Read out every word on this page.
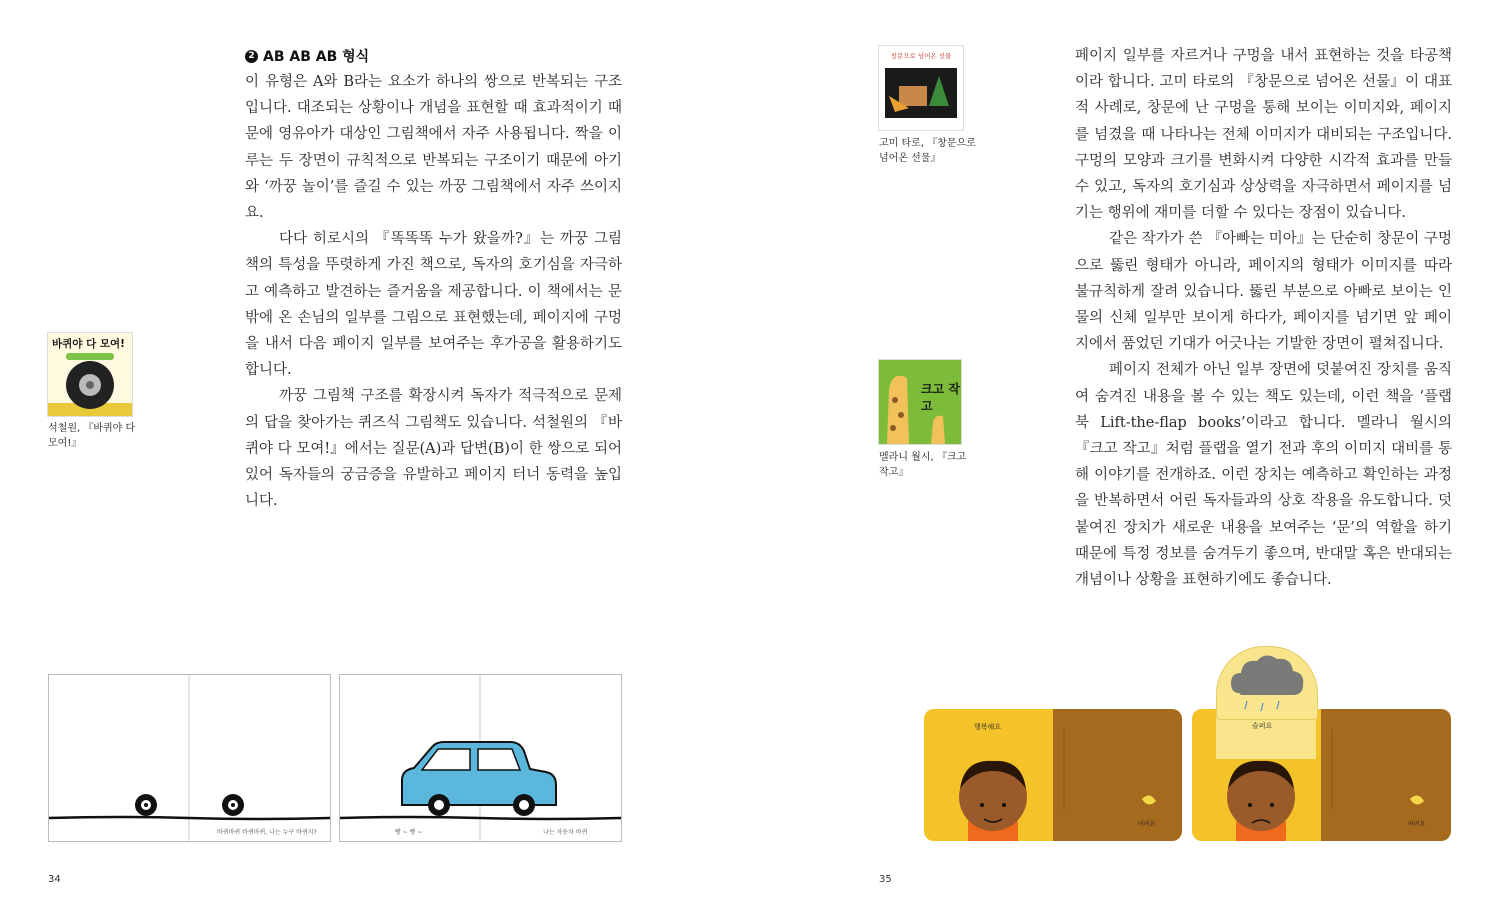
2 AB AB AB 형식

이 유형은 A와 B라는 요소가 하나의 쌍으로 반복되는 구조입니다. 대조되는 상황이나 개념을 표현할 때 효과적이기 때문에 영유아가 대상인 그림책에서 자주 사용됩니다. 짝을 이루는 두 장면이 규칙적으로 반복되는 구조이기 때문에 아기와 ‘까꿍 놀이’를 즐길 수 있는 까꿍 그림책에서 자주 쓰이지요.

다다 히로시의 『똑똑똑 누가 왔을까?』는 까꿍 그림책의 특성을 뚜렷하게 가진 책으로, 독자의 호기심을 자극하고 예측하고 발견하는 즐거움을 제공합니다. 이 책에서는 문 밖에 온 손님의 일부를 그림으로 표현했는데, 페이지에 구멍을 내서 다음 페이지 일부를 보여주는 후가공을 활용하기도 합니다.

까꿍 그림책 구조를 확장시켜 독자가 적극적으로 문제의 답을 찾아가는 퀴즈식 그림책도 있습니다. 석철원의 『바퀴야 다 모여!』에서는 질문(A)과 답변(B)이 한 쌍으로 되어 있어 독자들의 궁금증을 유발하고 페이지 터너 동력을 높입니다.

바퀴야 다 모여!
석철원, 『바퀴야 다
모여!』
바퀴바퀴 바퀴바퀴, 나는 누구 바퀴지?	빵 ~ 빵 ~	나는 자동차 바퀴
34

페이지 일부를 자르거나 구멍을 내서 표현하는 것을 타공책이라 합니다. 고미 타로의 『창문으로 넘어온 선물』이 대표적 사례로, 창문에 난 구멍을 통해 보이는 이미지와, 페이지를 넘겼을 때 나타나는 전체 이미지가 대비되는 구조입니다. 구멍의 모양과 크기를 변화시켜 다양한 시각적 효과를 만들 수 있고, 독자의 호기심과 상상력을 자극하면서 페이지를 넘기는 행위에 재미를 더할 수 있다는 장점이 있습니다.

같은 작가가 쓴 『아빠는 미아』는 단순히 창문이 구멍으로 뚫린 형태가 아니라, 페이지의 형태가 이미지를 따라 불규칙하게 잘려 있습니다. 뚫린 부분으로 아빠로 보이는 인물의 신체 일부만 보이게 하다가, 페이지를 넘기면 앞 페이지에서 품었던 기대가 어긋나는 기발한 장면이 펼쳐집니다.

페이지 전체가 아닌 일부 장면에 덧붙여진 장치를 움직여 숨겨진 내용을 볼 수 있는 책도 있는데, 이런 책을 ‘플랩북 Lift-the-flap books’이라고 합니다. 멜라니 월시의 『크고 작고』처럼 플랩을 열기 전과 후의 이미지 대비를 통해 이야기를 전개하죠. 이런 장치는 예측하고 확인하는 과정을 반복하면서 어린 독자들과의 상호 작용을 유도합니다. 덧붙여진 장치가 새로운 내용을 보여주는 ‘문’의 역할을 하기 때문에 특정 정보를 숨겨두기 좋으며, 반대말 혹은 반대되는 개념이나 상황을 표현하기에도 좋습니다.

창문으로 넘어온 선물
고미 타로, 『창문으로
넘어온 선물』
크고 작고
멜라니 월시, 『크고
작고』
행복해요
어려요
슬퍼요
어려요
35
